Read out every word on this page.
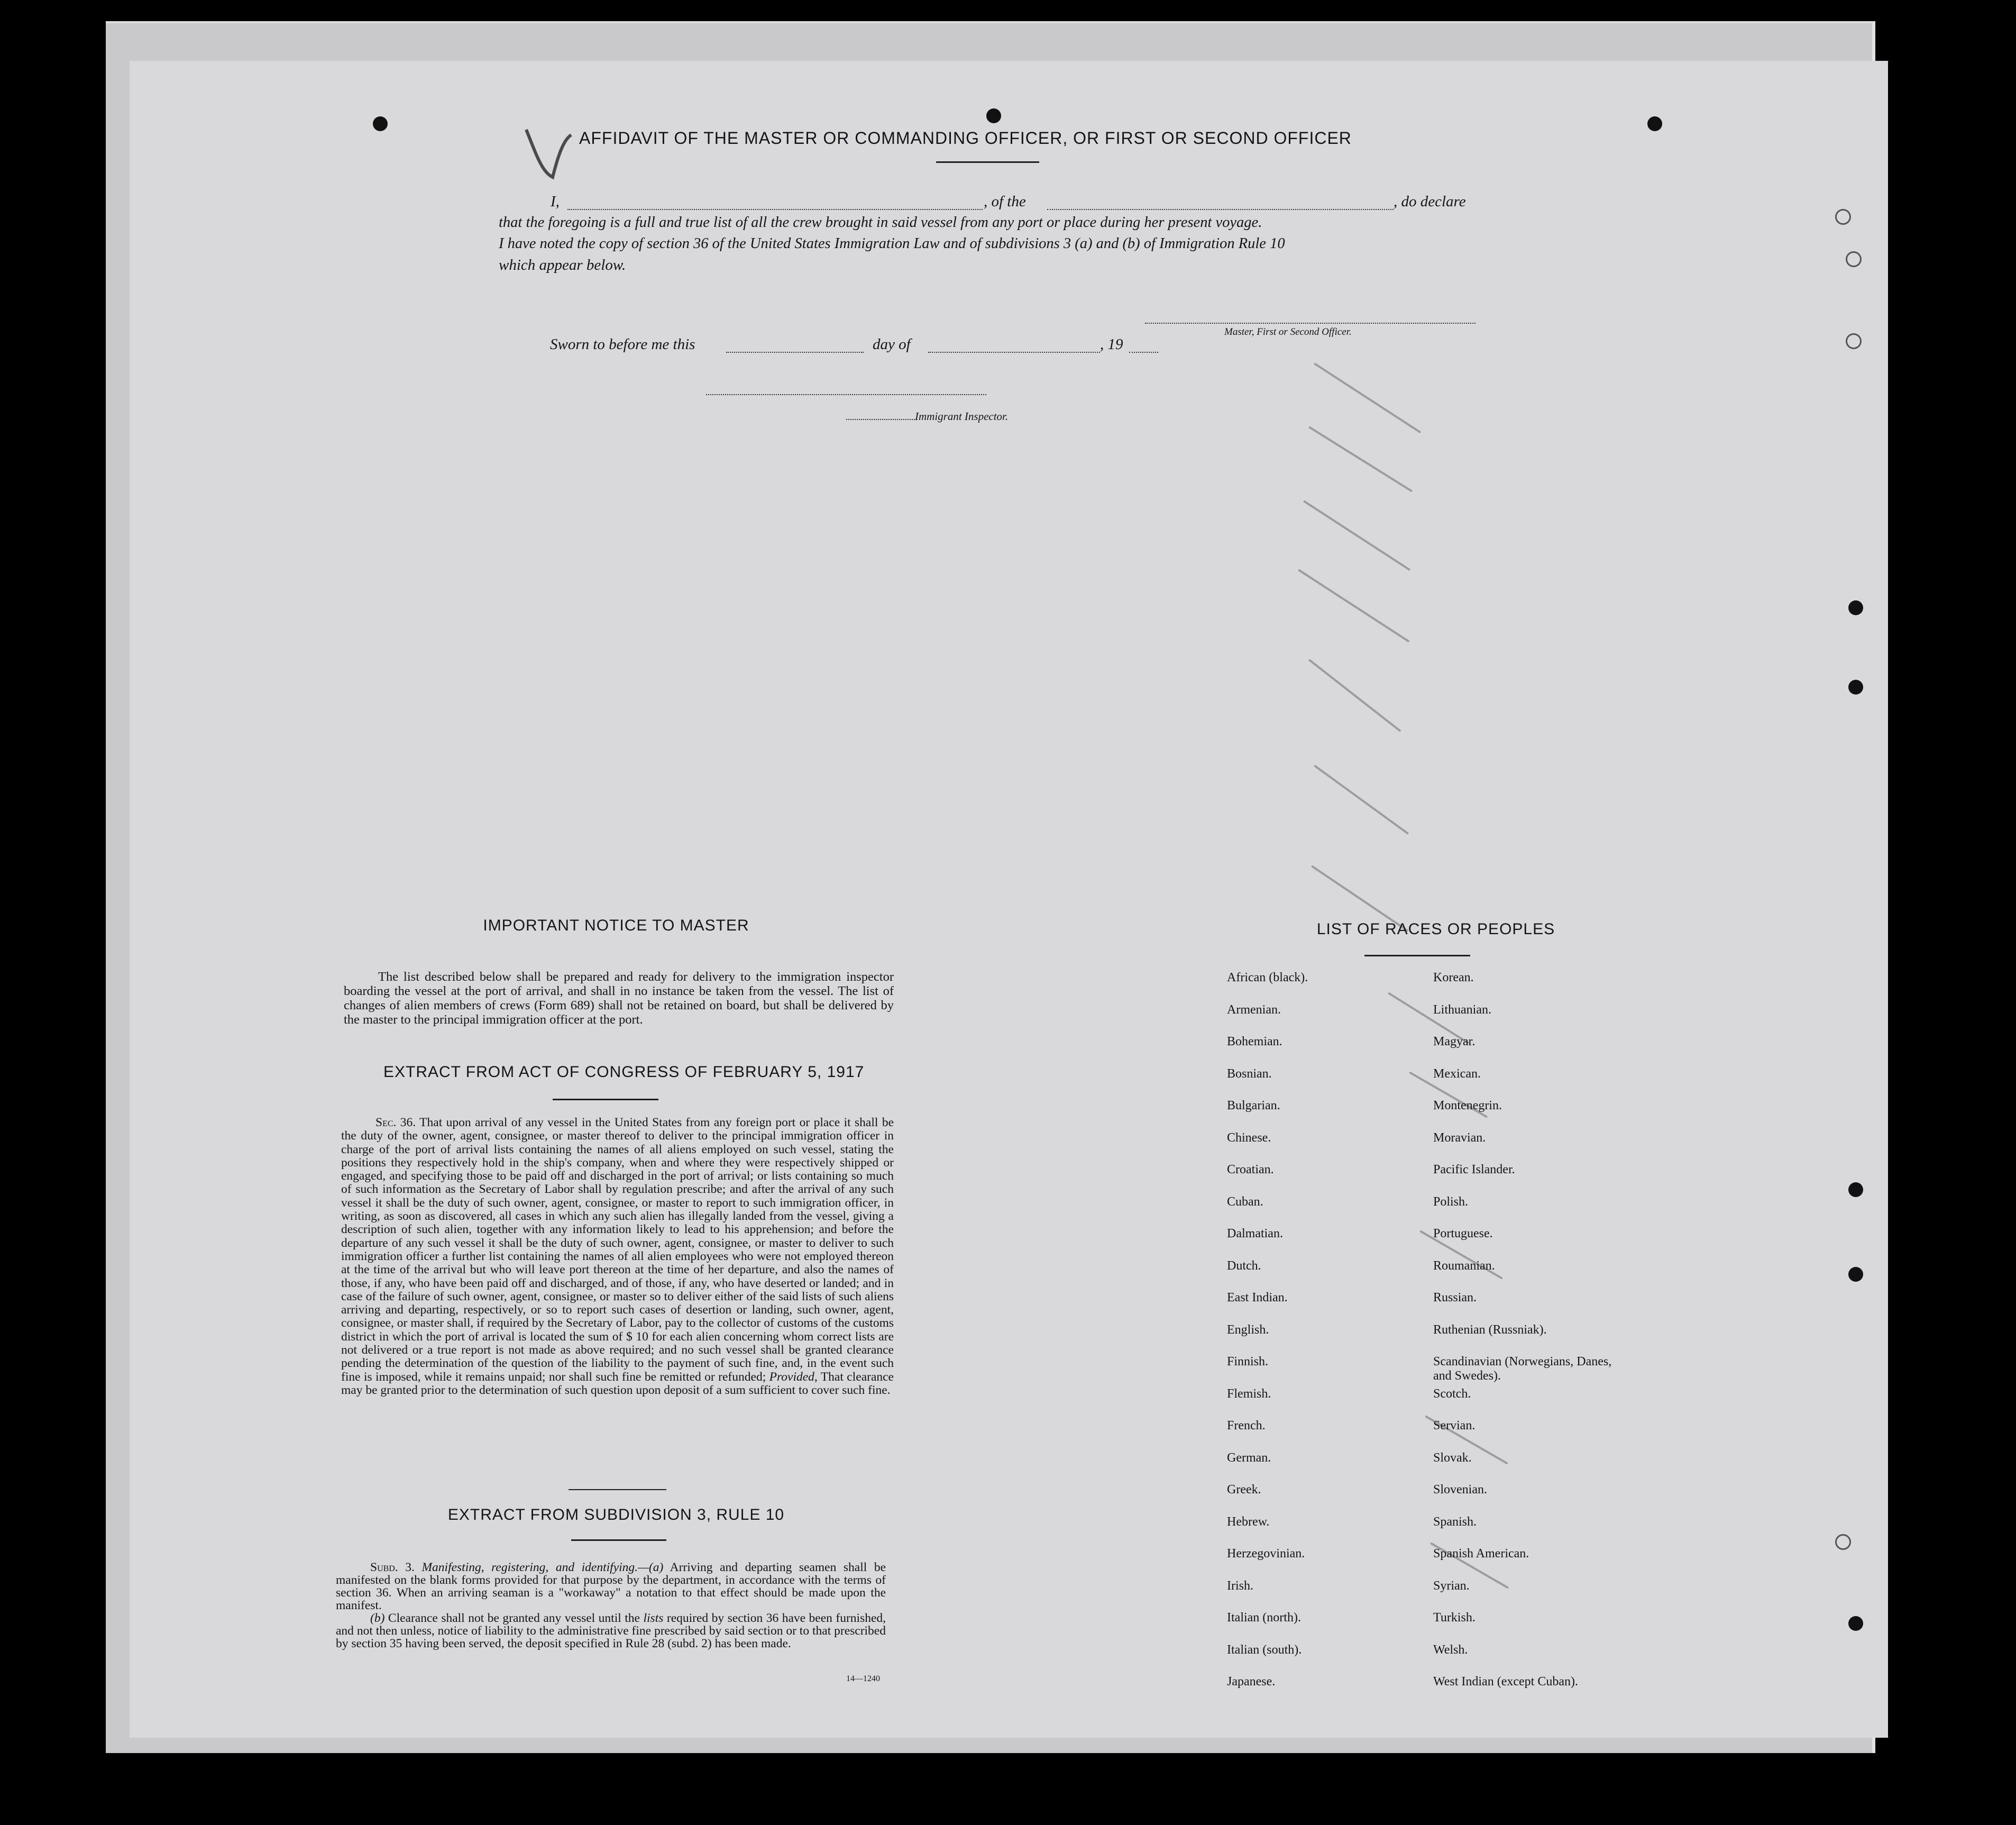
AFFIDAVIT OF THE MASTER OR COMMANDING OFFICER, OR FIRST OR SECOND OFFICER
I,	, of the	, do declare
that the foregoing is a full and true list of all the crew brought in said vessel from any port or place during her present voyage.
I have noted the copy of section 36 of the United States Immigration Law and of subdivisions 3 (a) and (b) of Immigration Rule 10
which appear below.
Master, First or Second Officer.
Sworn to before me this	day of	, 19
Immigrant Inspector.
IMPORTANT NOTICE TO MASTER
The list described below shall be prepared and ready for delivery to the immigration inspector boarding the vessel at the port of arrival, and shall in no instance be taken from the vessel. The list of changes of alien members of crews (Form 689) shall not be retained on board, but shall be delivered by the master to the principal immigration officer at the port.
EXTRACT FROM ACT OF CONGRESS OF FEBRUARY 5, 1917
Sec. 36. That upon arrival of any vessel in the United States from any foreign port or place it shall be the duty of the owner, agent, consignee, or master thereof to deliver to the principal immigration officer in charge of the port of arrival lists containing the names of all aliens employed on such vessel, stating the positions they respectively hold in the ship's company, when and where they were respectively shipped or engaged, and specifying those to be paid off and discharged in the port of arrival; or lists containing so much of such information as the Secretary of Labor shall by regulation prescribe; and after the arrival of any such vessel it shall be the duty of such owner, agent, consignee, or master to report to such immigration officer, in writing, as soon as discovered, all cases in which any such alien has illegally landed from the vessel, giving a description of such alien, together with any information likely to lead to his apprehension; and before the departure of any such vessel it shall be the duty of such owner, agent, consignee, or master to deliver to such immigration officer a further list containing the names of all alien employees who were not employed thereon at the time of the arrival but who will leave port thereon at the time of her departure, and also the names of those, if any, who have been paid off and discharged, and of those, if any, who have deserted or landed; and in case of the failure of such owner, agent, consignee, or master so to deliver either of the said lists of such aliens arriving and departing, respectively, or so to report such cases of desertion or landing, such owner, agent, consignee, or master shall, if required by the Secretary of Labor, pay to the collector of customs of the customs district in which the port of arrival is located the sum of $ 10 for each alien concerning whom correct lists are not delivered or a true report is not made as above required; and no such vessel shall be granted clearance pending the determination of the question of the liability to the payment of such fine, and, in the event such fine is imposed, while it remains unpaid; nor shall such fine be remitted or refunded; Provided, That clearance may be granted prior to the determination of such question upon deposit of a sum sufficient to cover such fine.
EXTRACT FROM SUBDIVISION 3, RULE 10
Subd. 3. Manifesting, registering, and identifying.—(a) Arriving and departing seamen shall be manifested on the blank forms provided for that purpose by the department, in accordance with the terms of section 36. When an arriving seaman is a "workaway" a notation to that effect should be made upon the manifest.
(b) Clearance shall not be granted any vessel until the lists required by section 36 have been furnished, and not then unless, notice of liability to the administrative fine prescribed by said section or to that prescribed by section 35 having been served, the deposit specified in Rule 28 (subd. 2) has been made.
14—1240
LIST OF RACES OR PEOPLES
African (black).
Armenian.
Bohemian.
Bosnian.
Bulgarian.
Chinese.
Croatian.
Cuban.
Dalmatian.
Dutch.
East Indian.
English.
Finnish.
Flemish.
French.
German.
Greek.
Hebrew.
Herzegovinian.
Irish.
Italian (north).
Italian (south).
Japanese.
Korean.
Lithuanian.
Magyar.
Mexican.
Montenegrin.
Moravian.
Pacific Islander.
Polish.
Portuguese.
Roumanian.
Russian.
Ruthenian (Russniak).
Scandinavian (Norwegians, Danes, and Swedes).
Scotch.
Servian.
Slovak.
Slovenian.
Spanish.
Spanish American.
Syrian.
Turkish.
Welsh.
West Indian (except Cuban).
